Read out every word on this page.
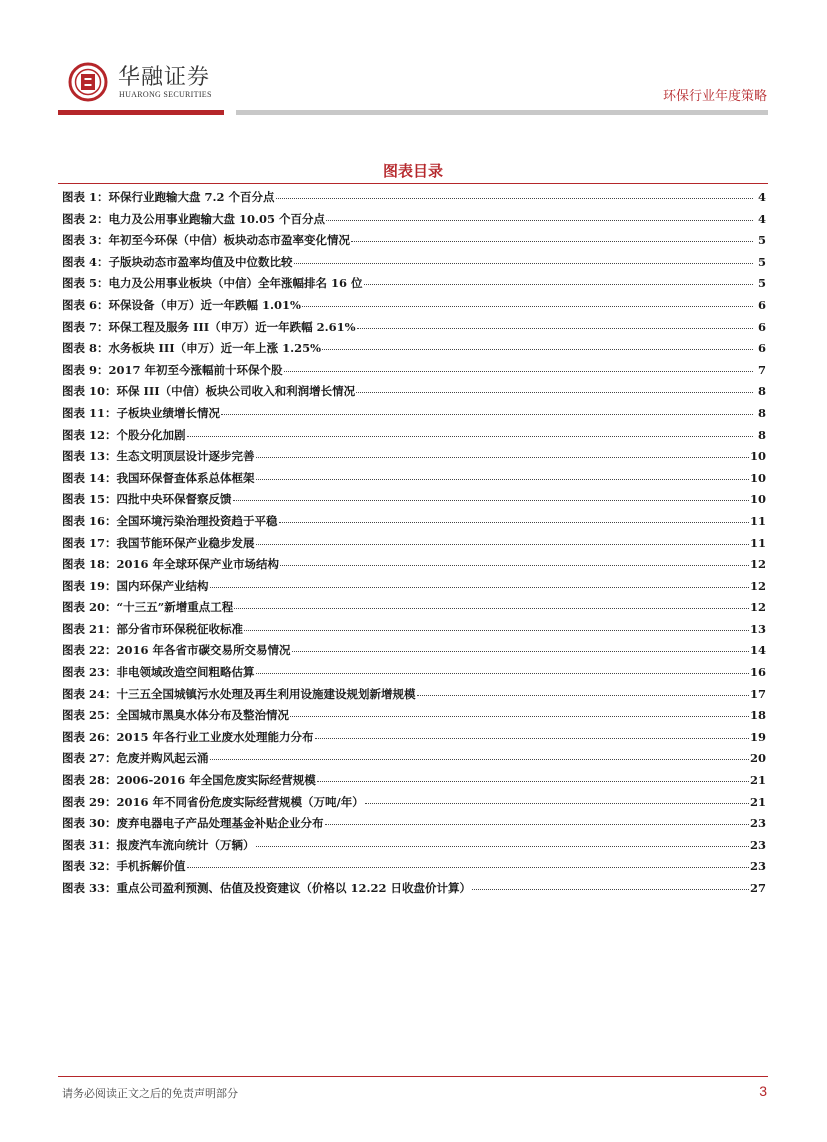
华融证券
HUARONG SECURITIES	环保行业年度策略
图表目录
图表 1：环保行业跑输大盘 7.2 个百分点	4
图表 2：电力及公用事业跑输大盘 10.05 个百分点	4
图表 3：年初至今环保（中信）板块动态市盈率变化情况	5
图表 4：子版块动态市盈率均值及中位数比较	5
图表 5：电力及公用事业板块（中信）全年涨幅排名 16 位	5
图表 6：环保设备（申万）近一年跌幅 1.01%	6
图表 7：环保工程及服务 III（申万）近一年跌幅 2.61%	6
图表 8：水务板块 III（申万）近一年上涨 1.25%	6
图表 9：2017 年初至今涨幅前十环保个股	7
图表 10：环保 III（中信）板块公司收入和利润增长情况	8
图表 11：子板块业绩增长情况	8
图表 12：个股分化加剧	8
图表 13：生态文明顶层设计逐步完善	10
图表 14：我国环保督查体系总体框架	10
图表 15：四批中央环保督察反馈	10
图表 16：全国环境污染治理投资趋于平稳	11
图表 17：我国节能环保产业稳步发展	11
图表 18：2016 年全球环保产业市场结构	12
图表 19：国内环保产业结构	12
图表 20：“十三五”新增重点工程	12
图表 21：部分省市环保税征收标准	13
图表 22：2016 年各省市碳交易所交易情况	14
图表 23：非电领域改造空间粗略估算	16
图表 24：十三五全国城镇污水处理及再生利用设施建设规划新增规模	17
图表 25：全国城市黑臭水体分布及整治情况	18
图表 26：2015 年各行业工业废水处理能力分布	19
图表 27：危废并购风起云涌	20
图表 28：2006-2016 年全国危废实际经营规模	21
图表 29：2016 年不同省份危废实际经营规模（万吨/年）	21
图表 30：废弃电器电子产品处理基金补贴企业分布	23
图表 31：报废汽车流向统计（万辆）	23
图表 32：手机拆解价值	23
图表 33：重点公司盈利预测、估值及投资建议（价格以 12.22 日收盘价计算）	27
请务必阅读正文之后的免责声明部分	3
